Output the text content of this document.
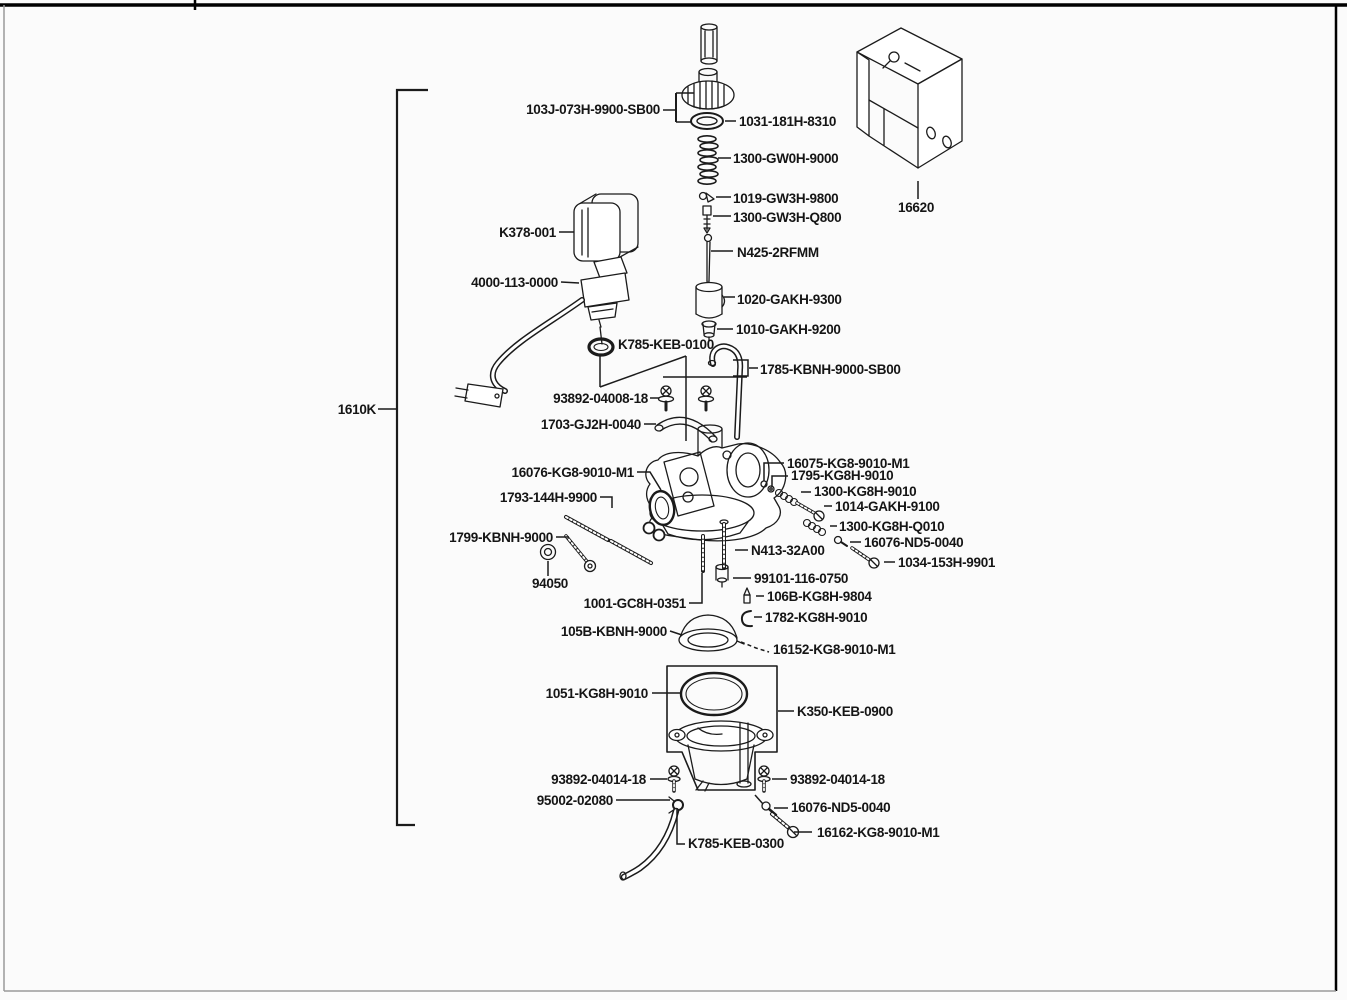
103J-073H-9900-SB00
1031-181H-8310
1300-GW0H-9000
1019-GW3H-9800
1300-GW3H-Q800
N425-2RFMM
1020-GAKH-9300
1010-GAKH-9200
16620
K378-001
4000-113-0000
K785-KEB-0100
1785-KBNH-9000-SB00
93892-04008-18
1703-GJ2H-0040
1610K
16076-KG8-9010-M1
16075-KG8-9010-M1
1795-KG8H-9010
1300-KG8H-9010
1014-GAKH-9100
1793-144H-9900
1300-KG8H-Q010
1799-KBNH-9000	16076-ND5-0040
N413-32A00
1034-153H-9901
94050	99101-116-0750
106B-KG8H-9804
1001-GC8H-0351
1782-KG8H-9010
105B-KBNH-9000
16152-KG8-9010-M1
1051-KG8H-9010
K350-KEB-0900
93892-04014-18	93892-04014-18
95002-02080	16076-ND5-0040
16162-KG8-9010-M1
K785-KEB-0300
